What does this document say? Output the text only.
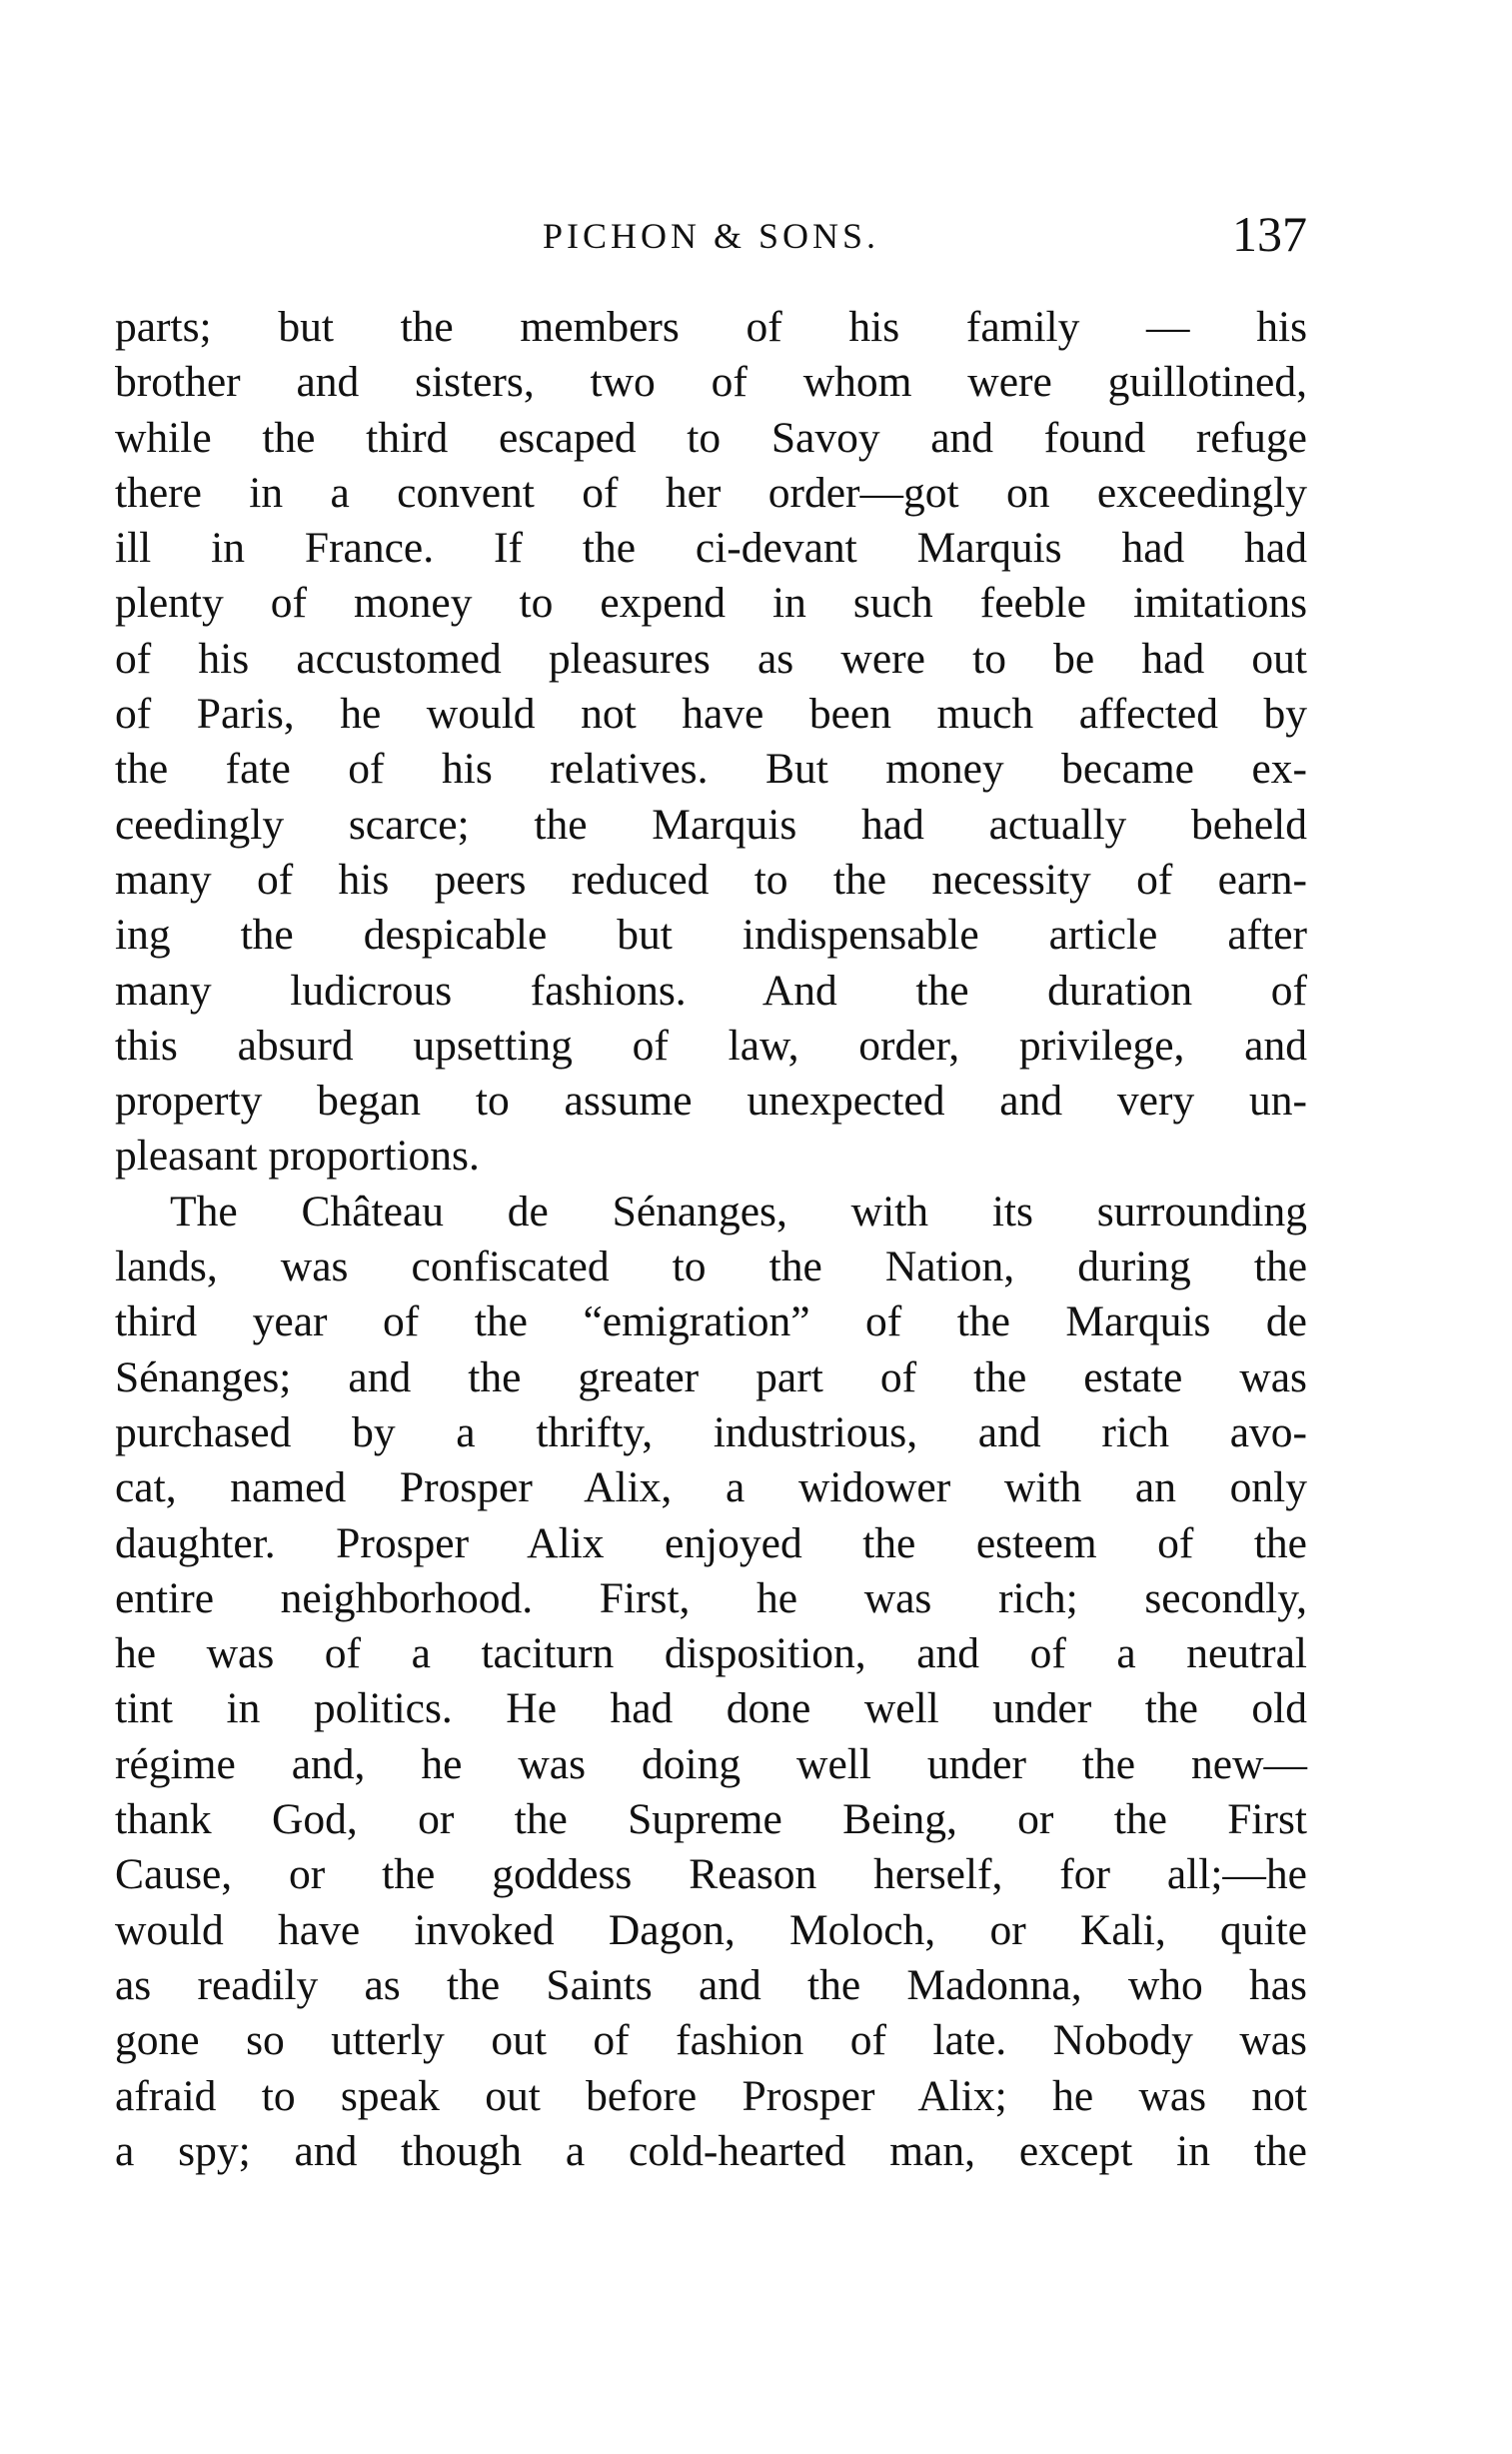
PICHON & SONS.	137
parts; but the members of his family — his
brother and sisters, two of whom were guillotined,
while the third escaped to Savoy and found refuge
there in a convent of her order—got on exceedingly
ill in France. If the ci-devant Marquis had had
plenty of money to expend in such feeble imitations
of his accustomed pleasures as were to be had out
of Paris, he would not have been much affected by
the fate of his relatives. But money became ex-
ceedingly scarce; the Marquis had actually beheld
many of his peers reduced to the necessity of earn-
ing the despicable but indispensable article after
many ludicrous fashions. And the duration of
this absurd upsetting of law, order, privilege, and
property began to assume unexpected and very un-
pleasant proportions.
The Château de Sénanges, with its surrounding
lands, was confiscated to the Nation, during the
third year of the “emigration” of the Marquis de
Sénanges; and the greater part of the estate was
purchased by a thrifty, industrious, and rich avo-
cat, named Prosper Alix, a widower with an only
daughter. Prosper Alix enjoyed the esteem of the
entire neighborhood. First, he was rich; secondly,
he was of a taciturn disposition, and of a neutral
tint in politics. He had done well under the old
régime and, he was doing well under the new—
thank God, or the Supreme Being, or the First
Cause, or the goddess Reason herself, for all;—he
would have invoked Dagon, Moloch, or Kali, quite
as readily as the Saints and the Madonna, who has
gone so utterly out of fashion of late. Nobody was
afraid to speak out before Prosper Alix; he was not
a spy; and though a cold-hearted man, except in the
